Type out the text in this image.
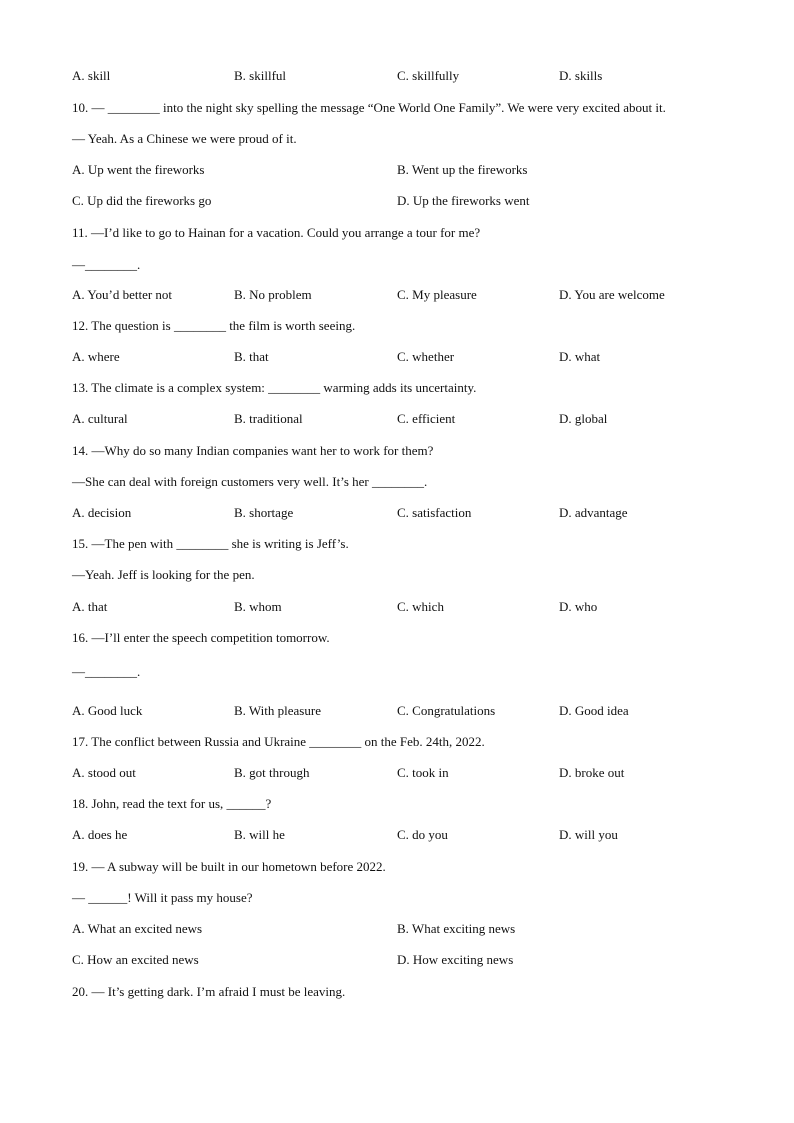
A. skill	B. skillful	C. skillfully	D. skills
10. — ________ into the night sky spelling the message “One World One Family”. We were very excited about it.
— Yeah. As a Chinese we were proud of it.
A. Up went the fireworks	B. Went up the fireworks
C. Up did the fireworks go	D. Up the fireworks went
11. —I’d like to go to Hainan for a vacation. Could you arrange a tour for me?
—________.
A. You’d better not	B. No problem	C. My pleasure	D. You are welcome
12. The question is ________ the film is worth seeing.
A. where	B. that	C. whether	D. what
13. The climate is a complex system: ________ warming adds its uncertainty.
A. cultural	B. traditional	C. efficient	D. global
14. —Why do so many Indian companies want her to work for them?
—She can deal with foreign customers very well. It’s her ________.
A. decision	B. shortage	C. satisfaction	D. advantage
15. —The pen with ________ she is writing is Jeff’s.
—Yeah. Jeff is looking for the pen.
A. that	B. whom	C. which	D. who
16. —I’ll enter the speech competition tomorrow.
—________.
A. Good luck	B. With pleasure	C. Congratulations	D. Good idea
17. The conflict between Russia and Ukraine ________ on the Feb. 24th, 2022.
A. stood out	B. got through	C. took in	D. broke out
18. John, read the text for us, ______?
A. does he	B. will he	C. do you	D. will you
19. — A subway will be built in our hometown before 2022.
— ______! Will it pass my house?
A. What an excited news	B. What exciting news
C. How an excited news	D. How exciting news
20. — It’s getting dark. I’m afraid I must be leaving.
